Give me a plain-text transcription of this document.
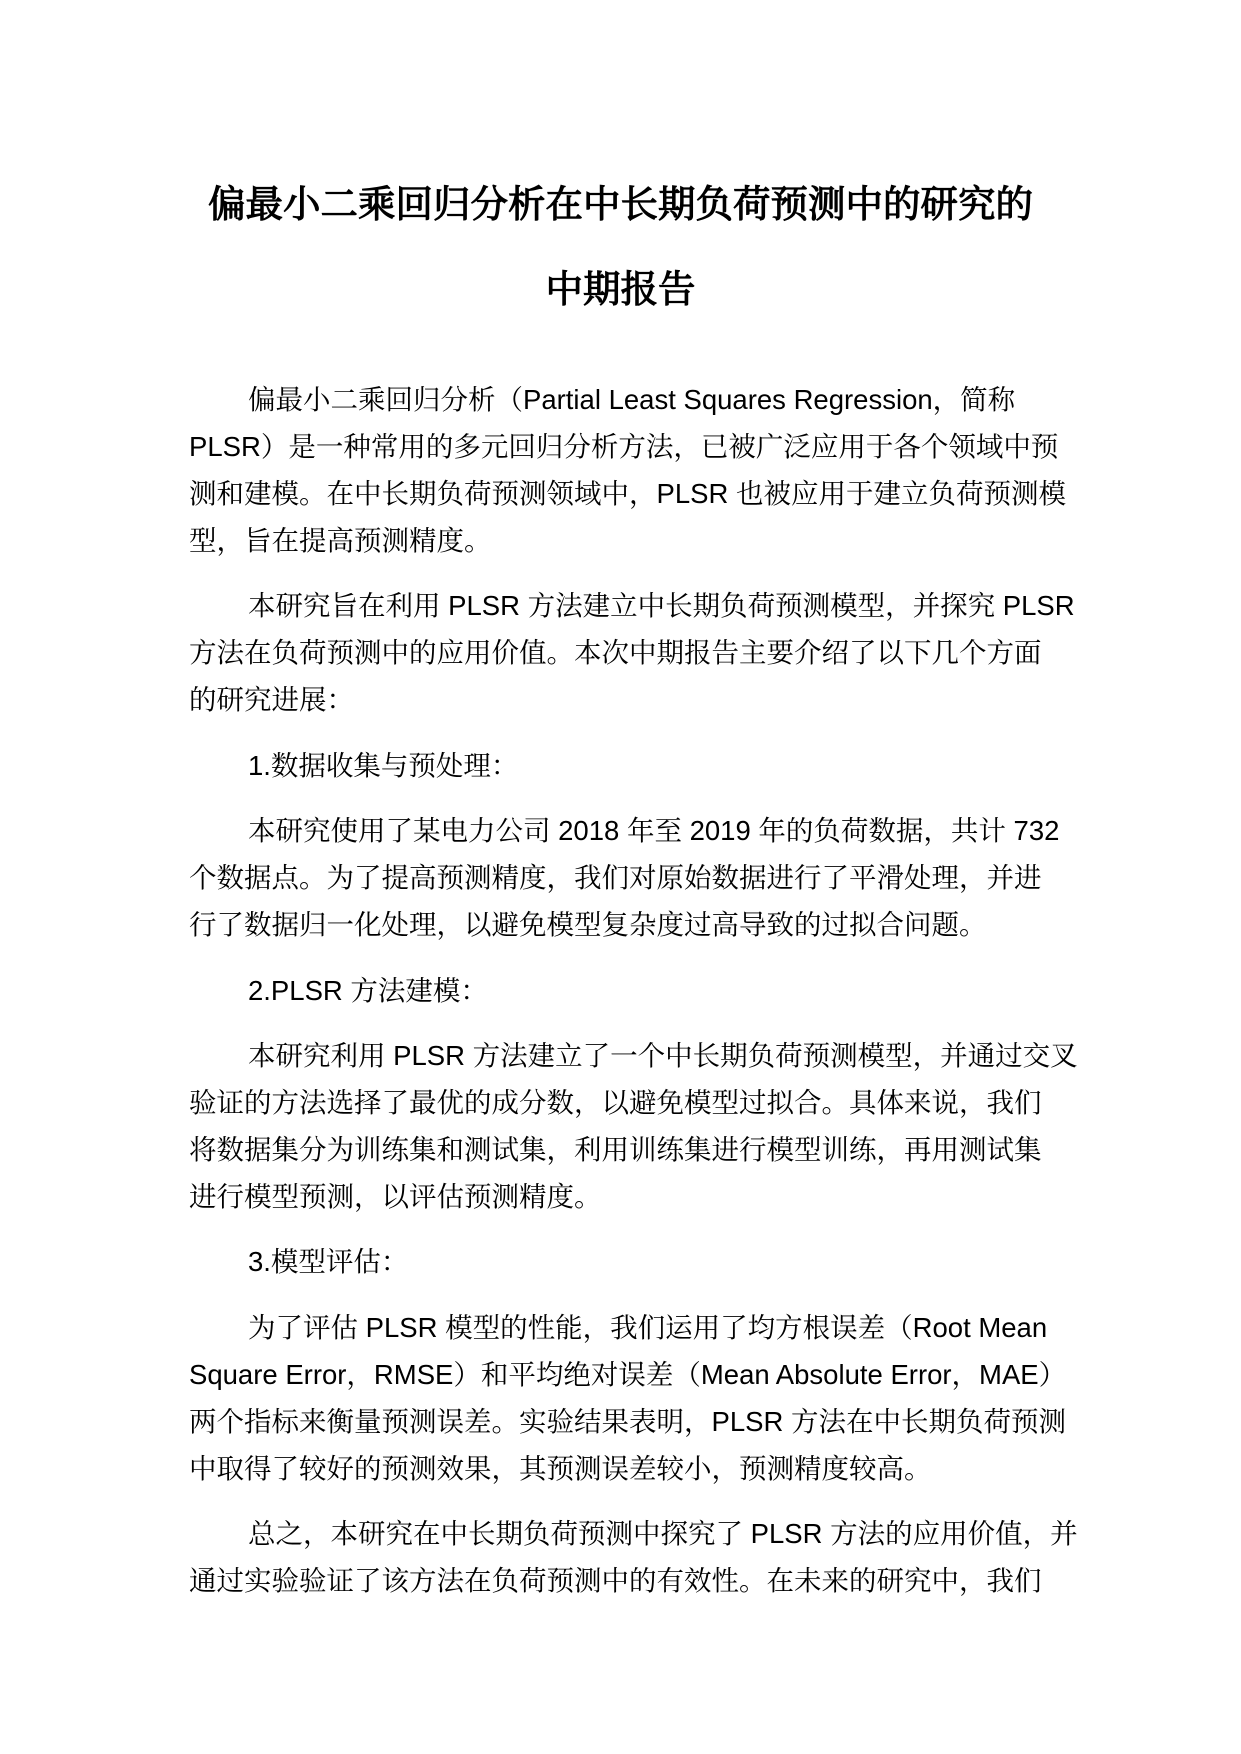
偏最小二乘回归分析在中长期负荷预测中的研究的
中期报告
偏最小二乘回归分析（Partial Least Squares Regression，简称
PLSR）是一种常用的多元回归分析方法，已被广泛应用于各个领域中预
测和建模。在中长期负荷预测领域中，PLSR 也被应用于建立负荷预测模
型，旨在提高预测精度。
本研究旨在利用 PLSR 方法建立中长期负荷预测模型，并探究 PLSR
方法在负荷预测中的应用价值。本次中期报告主要介绍了以下几个方面
的研究进展：
1.数据收集与预处理：
本研究使用了某电力公司 2018 年至 2019 年的负荷数据，共计 732
个数据点。为了提高预测精度，我们对原始数据进行了平滑处理，并进
行了数据归一化处理，以避免模型复杂度过高导致的过拟合问题。
2.PLSR 方法建模：
本研究利用 PLSR 方法建立了一个中长期负荷预测模型，并通过交叉
验证的方法选择了最优的成分数，以避免模型过拟合。具体来说，我们
将数据集分为训练集和测试集，利用训练集进行模型训练，再用测试集
进行模型预测，以评估预测精度。
3.模型评估：
为了评估 PLSR 模型的性能，我们运用了均方根误差（Root Mean
Square Error，RMSE）和平均绝对误差（Mean Absolute Error，MAE）
两个指标来衡量预测误差。实验结果表明，PLSR 方法在中长期负荷预测
中取得了较好的预测效果，其预测误差较小，预测精度较高。
总之，本研究在中长期负荷预测中探究了 PLSR 方法的应用价值，并
通过实验验证了该方法在负荷预测中的有效性。在未来的研究中，我们
